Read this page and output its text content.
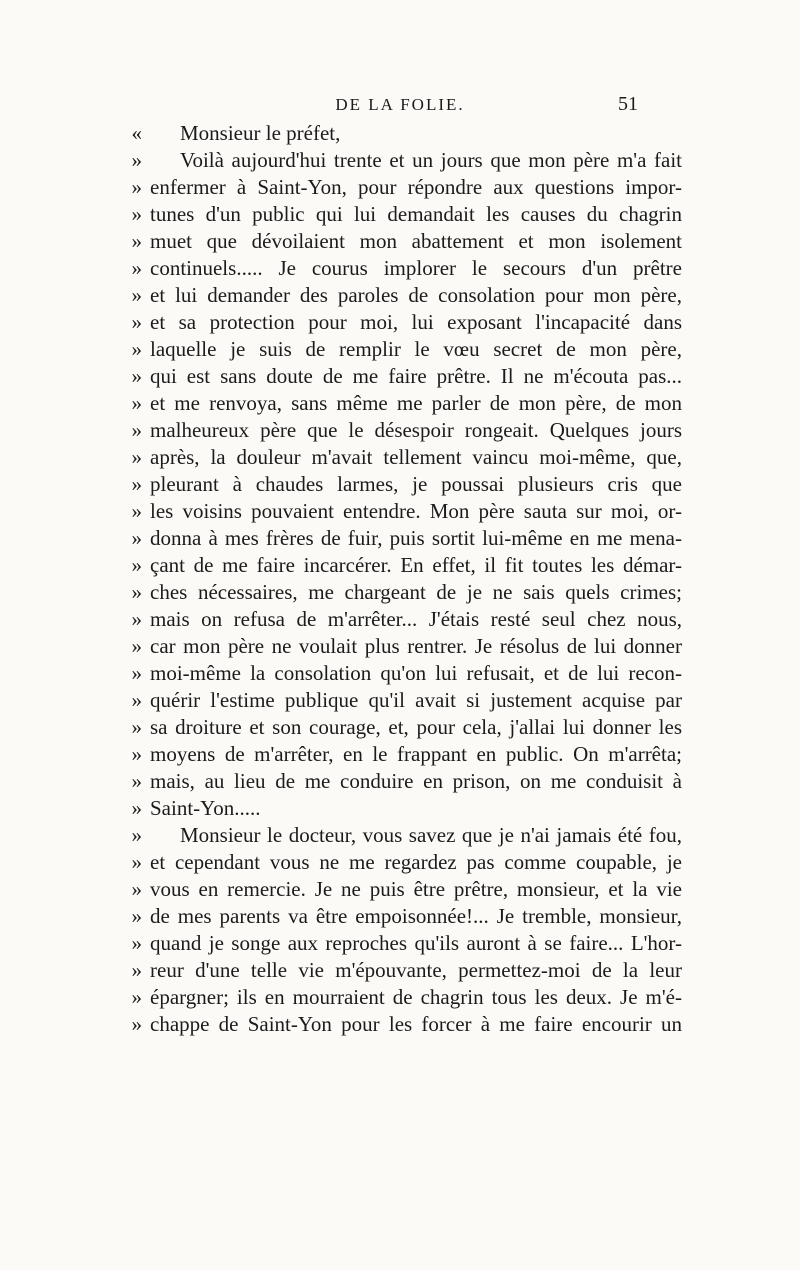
DE LA FOLIE.	51
«	Monsieur le préfet,
»	Voilà aujourd'hui trente et un jours que mon père m'a fait
» enfermer à Saint-Yon, pour répondre aux questions impor-
» tunes d'un public qui lui demandait les causes du chagrin
» muet que dévoilaient mon abattement et mon isolement
» continuels..... Je courus implorer le secours d'un prêtre
» et lui demander des paroles de consolation pour mon père,
» et sa protection pour moi, lui exposant l'incapacité dans
» laquelle je suis de remplir le vœu secret de mon père,
» qui est sans doute de me faire prêtre. Il ne m'écouta pas...
» et me renvoya, sans même me parler de mon père, de mon
» malheureux père que le désespoir rongeait. Quelques jours
» après, la douleur m'avait tellement vaincu moi-même, que,
» pleurant à chaudes larmes, je poussai plusieurs cris que
» les voisins pouvaient entendre. Mon père sauta sur moi, or-
» donna à mes frères de fuir, puis sortit lui-même en me mena-
» çant de me faire incarcérer. En effet, il fit toutes les démar-
» ches nécessaires, me chargeant de je ne sais quels crimes;
» mais on refusa de m'arrêter... J'étais resté seul chez nous,
» car mon père ne voulait plus rentrer. Je résolus de lui donner
» moi-même la consolation qu'on lui refusait, et de lui recon-
» quérir l'estime publique qu'il avait si justement acquise par
» sa droiture et son courage, et, pour cela, j'allai lui donner les
» moyens de m'arrêter, en le frappant en public. On m'arrêta;
» mais, au lieu de me conduire en prison, on me conduisit à
» Saint-Yon.....
»	Monsieur le docteur, vous savez que je n'ai jamais été fou,
» et cependant vous ne me regardez pas comme coupable, je
» vous en remercie. Je ne puis être prêtre, monsieur, et la vie
» de mes parents va être empoisonnée!... Je tremble, monsieur,
» quand je songe aux reproches qu'ils auront à se faire... L'hor-
» reur d'une telle vie m'épouvante, permettez-moi de la leur
» épargner; ils en mourraient de chagrin tous les deux. Je m'é-
» chappe de Saint-Yon pour les forcer à me faire encourir un
